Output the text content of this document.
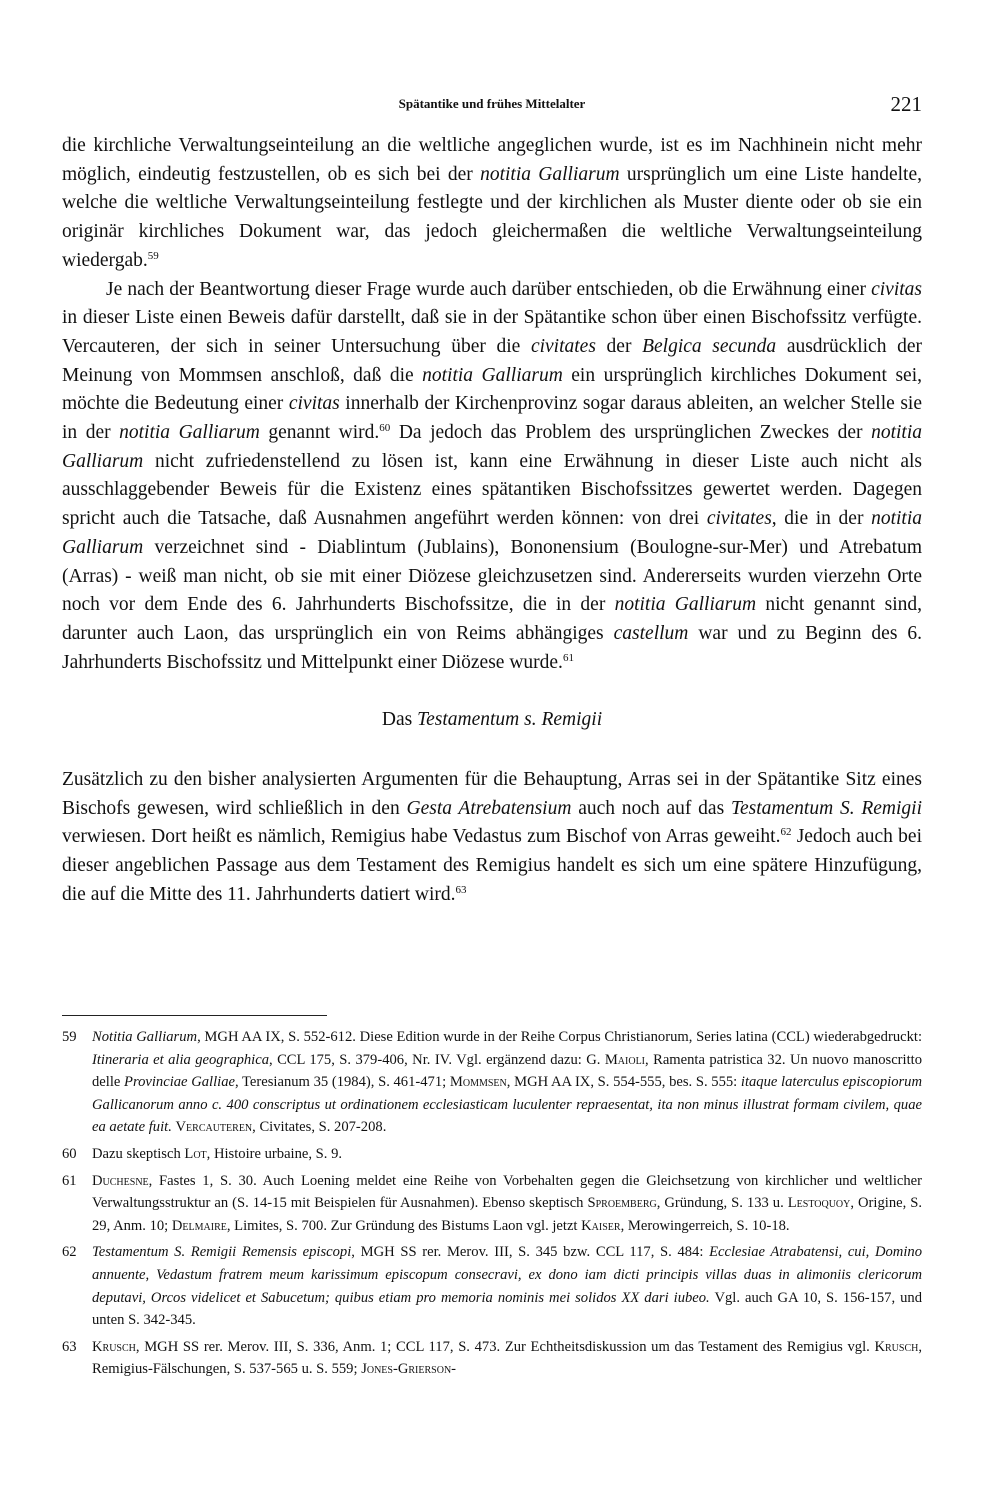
Spätantike und frühes Mittelalter	221

die kirchliche Verwaltungseinteilung an die weltliche angeglichen wurde, ist es im Nachhinein nicht mehr möglich, eindeutig festzustellen, ob es sich bei der notitia Galliarum ursprünglich um eine Liste handelte, welche die weltliche Verwaltungseinteilung festlegte und der kirchlichen als Muster diente oder ob sie ein originär kirchliches Dokument war, das jedoch gleichermaßen die weltliche Verwaltungseinteilung wiedergab.$^{59}$

Je nach der Beantwortung dieser Frage wurde auch darüber entschieden, ob die Erwähnung einer civitas in dieser Liste einen Beweis dafür darstellt, daß sie in der Spätantike schon über einen Bischofssitz verfügte. Vercauteren, der sich in seiner Untersuchung über die civitates der Belgica secunda ausdrücklich der Meinung von Mommsen anschloß, daß die notitia Galliarum ein ursprünglich kirchliches Dokument sei, möchte die Bedeutung einer civitas innerhalb der Kirchenprovinz sogar daraus ableiten, an welcher Stelle sie in der notitia Galliarum genannt wird.$^{60}$ Da jedoch das Problem des ursprünglichen Zweckes der notitia Galliarum nicht zufriedenstellend zu lösen ist, kann eine Erwähnung in dieser Liste auch nicht als ausschlaggebender Beweis für die Existenz eines spätantiken Bischofssitzes gewertet werden. Dagegen spricht auch die Tatsache, daß Ausnahmen angeführt werden können: von drei civitates, die in der notitia Galliarum verzeichnet sind - Diablintum (Jublains), Bononensium (Boulogne-sur-Mer) und Atrebatum (Arras) - weiß man nicht, ob sie mit einer Diözese gleichzusetzen sind. Andererseits wurden vierzehn Orte noch vor dem Ende des 6. Jahrhunderts Bischofssitze, die in der notitia Galliarum nicht genannt sind, darunter auch Laon, das ursprünglich ein von Reims abhängiges castellum war und zu Beginn des 6. Jahrhunderts Bischofssitz und Mittelpunkt einer Diözese wurde.$^{61}$

Das Testamentum s. Remigii

Zusätzlich zu den bisher analysierten Argumenten für die Behauptung, Arras sei in der Spätantike Sitz eines Bischofs gewesen, wird schließlich in den Gesta Atrebatensium auch noch auf das Testamentum S. Remigii verwiesen. Dort heißt es nämlich, Remigius habe Vedastus zum Bischof von Arras geweiht.$^{62}$ Jedoch auch bei dieser angeblichen Passage aus dem Testament des Remigius handelt es sich um eine spätere Hinzufügung, die auf die Mitte des 11. Jahrhunderts datiert wird.$^{63}$

59 Notitia Galliarum, MGH AA IX, S. 552-612. Diese Edition wurde in der Reihe Corpus Christianorum, Series latina (CCL) wiederabgedruckt: Itineraria et alia geographica, CCL 175, S. 379-406, Nr. IV. Vgl. ergänzend dazu: G. Maioli, Ramenta patristica 32. Un nuovo manoscritto delle Provinciae Galliae, Teresianum 35 (1984), S. 461-471; Mommsen, MGH AA IX, S. 554-555, bes. S. 555: itaque laterculus episcopiorum Gallicanorum anno c. 400 conscriptus ut ordinationem ecclesiasticam luculenter repraesentat, ita non minus illustrat formam civilem, quae ea aetate fuit. Vercauteren, Civitates, S. 207-208.
60 Dazu skeptisch Lot, Histoire urbaine, S. 9.
61 Duchesne, Fastes 1, S. 30. Auch Loening meldet eine Reihe von Vorbehalten gegen die Gleichsetzung von kirchlicher und weltlicher Verwaltungsstruktur an (S. 14-15 mit Beispielen für Ausnahmen). Ebenso skeptisch Sproemberg, Gründung, S. 133 u. Lestoquoy, Origine, S. 29, Anm. 10; Delmaire, Limites, S. 700. Zur Gründung des Bistums Laon vgl. jetzt Kaiser, Merowingerreich, S. 10-18.
62 Testamentum S. Remigii Remensis episcopi, MGH SS rer. Merov. III, S. 345 bzw. CCL 117, S. 484: Ecclesiae Atrabatensi, cui, Domino annuente, Vedastum fratrem meum karissimum episcopum consecravi, ex dono iam dicti principis villas duas in alimoniis clericorum deputavi, Orcos videlicet et Sabucetum; quibus etiam pro memoria nominis mei solidos XX dari iubeo. Vgl. auch GA 10, S. 156-157, und unten S. 342-345.
63 Krusch, MGH SS rer. Merov. III, S. 336, Anm. 1; CCL 117, S. 473. Zur Echtheitsdiskussion um das Testament des Remigius vgl. Krusch, Remigius-Fälschungen, S. 537-565 u. S. 559; Jones-Grierson-
